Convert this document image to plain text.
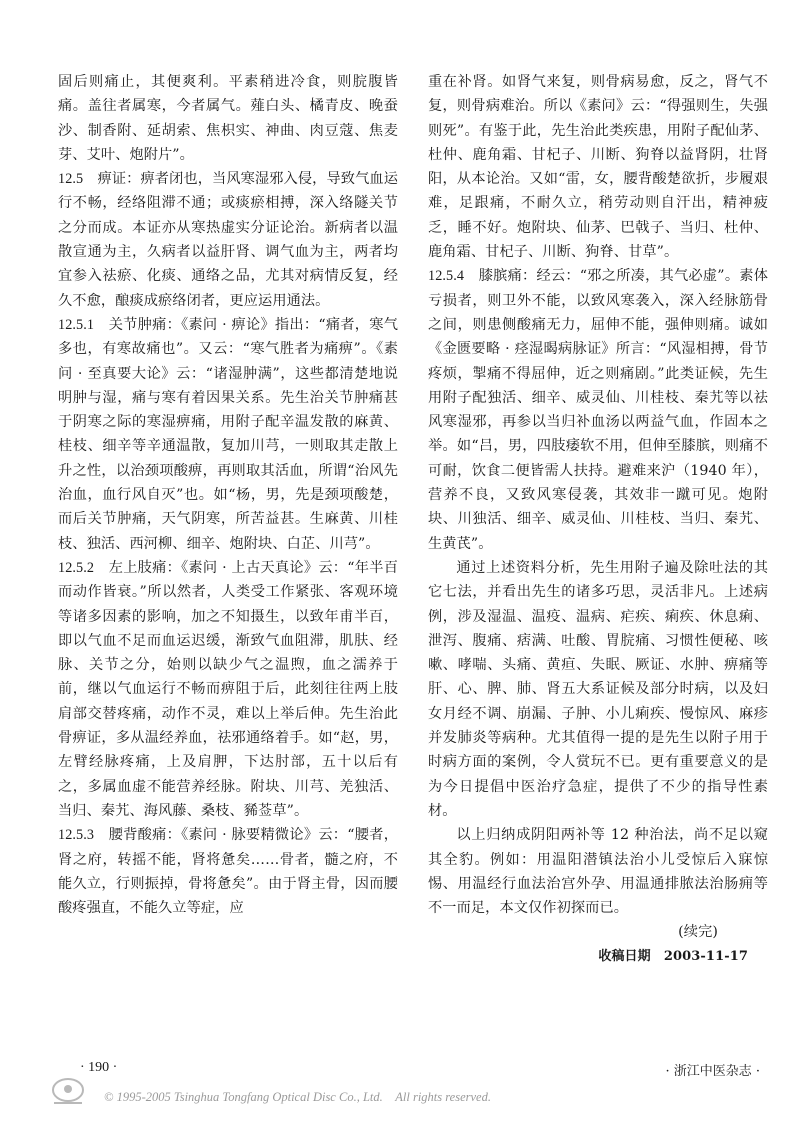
固后则痛止，其便爽利。平素稍进冷食，则脘腹皆痛。盖往者属寒，今者属气。薤白头、橘青皮、晚蚕沙、制香附、延胡索、焦枳实、神曲、肉豆蔻、焦麦芽、艾叶、炮附片”。

12.5　 痹证：痹者闭也，当风寒湿邪入侵，导致气血运行不畅，经络阻滞不通；或痰瘀相搏，深入络隧关节之分而成。本证亦从寒热虚实分证论治。新病者以温散宣通为主，久病者以益肝肾、调气血为主，两者均宜参入祛瘀、化痰、通络之品，尤其对病情反复，经久不愈，酿痰成瘀络闭者，更应运用通法。

12.5.1　 关节肿痛：《素问 · 痹论》指出：“痛者，寒气多也，有寒故痛也”。又云：“寒气胜者为痛痹”。《素问 · 至真要大论》云：“诸湿肿满”，这些都清楚地说明肿与湿，痛与寒有着因果关系。先生治关节肿痛甚于阴寒之际的寒湿痹痛，用附子配辛温发散的麻黄、桂枝、细辛等辛通温散，复加川芎，一则取其走散上升之性，以治颈项酸痹，再则取其活血，所谓“治风先治血，血行风自灭”也。如“杨，男，先是颈项酸楚，而后关节肿痛，天气阴寒，所苦益甚。生麻黄、川桂枝、独活、西河柳、细辛、炮附块、白芷、川芎”。

12.5.2　 左上肢痛：《素问 · 上古天真论》云：“年半百而动作皆衰。”所以然者，人类受工作紧张、客观环境等诸多因素的影响，加之不知摄生，以致年甫半百，即以气血不足而血运迟缓，渐致气血阻滞，肌肤、经脉、关节之分，始则以缺少气之温煦，血之濡养于前，继以气血运行不畅而痹阻于后，此刻往往两上肢肩部交替疼痛，动作不灵，难以上举后伸。先生治此骨痹证，多从温经养血，祛邪通络着手。如“赵，男，左臂经脉疼痛，上及肩胛，下达肘部，五十以后有之，多属血虚不能营养经脉。附块、川芎、羌独活、当归、秦艽、海风藤、桑枝、豨莶草”。

12.5.3　 腰背酸痛：《素问 · 脉要精微论》云：“腰者，肾之府，转摇不能，肾将惫矣……骨者，髓之府，不能久立，行则振掉，骨将惫矣”。由于肾主骨，因而腰酸疼强直，不能久立等症，应

重在补肾。如肾气来复，则骨病易愈，反之，肾气不复，则骨病难治。所以《素问》云：“得强则生，失强则死”。有鉴于此，先生治此类疾患，用附子配仙茅、杜仲、鹿角霜、甘杞子、川断、狗脊以益肾阴，壮肾阳，从本论治。又如“雷，女，腰背酸楚欲折，步履艰难，足跟痛，不耐久立，稍劳动则自汗出，精神疲乏，睡不好。炮附块、仙茅、巴戟子、当归、杜仲、鹿角霜、甘杞子、川断、狗脊、甘草”。

12.5.4　 膝膑痛：经云：“邪之所凑，其气必虚”。素体亏损者，则卫外不能，以致风寒袭入，深入经脉筋骨之间，则患侧酸痛无力，屈伸不能，强伸则痛。诚如《金匮要略 · 痉湿暍病脉证》所言：“风湿相搏，骨节疼烦，掣痛不得屈伸，近之则痛剧。”此类证候，先生用附子配独活、细辛、威灵仙、川桂枝、秦艽等以祛风寒湿邪，再参以当归补血汤以两益气血，作固本之举。如“吕，男，四肢痿软不用，但伸至膝膑，则痛不可耐，饮食二便皆需人扶持。避难来沪（1940 年），营养不良，又致风寒侵袭，其效非一蹴可见。炮附块、川独活、细辛、威灵仙、川桂枝、当归、秦艽、生黄芪”。

通过上述资料分析，先生用附子遍及除吐法的其它七法，并看出先生的诸多巧思，灵活非凡。上述病例，涉及湿温、温疫、温病、疟疾、痢疾、休息痢、泄泻、腹痛、痞满、吐酸、胃脘痛、习惯性便秘、咳嗽、哮喘、头痛、黄疸、失眠、厥证、水肿、痹痛等肝、心、脾、肺、肾五大系证候及部分时病，以及妇女月经不调、崩漏、子肿、小儿痢疾、慢惊风、麻疹并发肺炎等病种。尤其值得一提的是先生以附子用于时病方面的案例，令人赏玩不已。更有重要意义的是为今日提倡中医治疗急症，提供了不少的指导性素材。

以上归纳成阴阳两补等 12 种治法，尚不足以窥其全豹。例如：用温阳潜镇法治小儿受惊后入寐惊惕、用温经行血法治宫外孕、用温通排脓法治肠痈等不一而足，本文仅作初探而已。

(续完)

收稿日期　2003-11-17

· 190 ·	· 浙江中医杂志 ·
© 1995-2005 Tsinghua Tongfang Optical Disc Co., Ltd.　All rights reserved.
